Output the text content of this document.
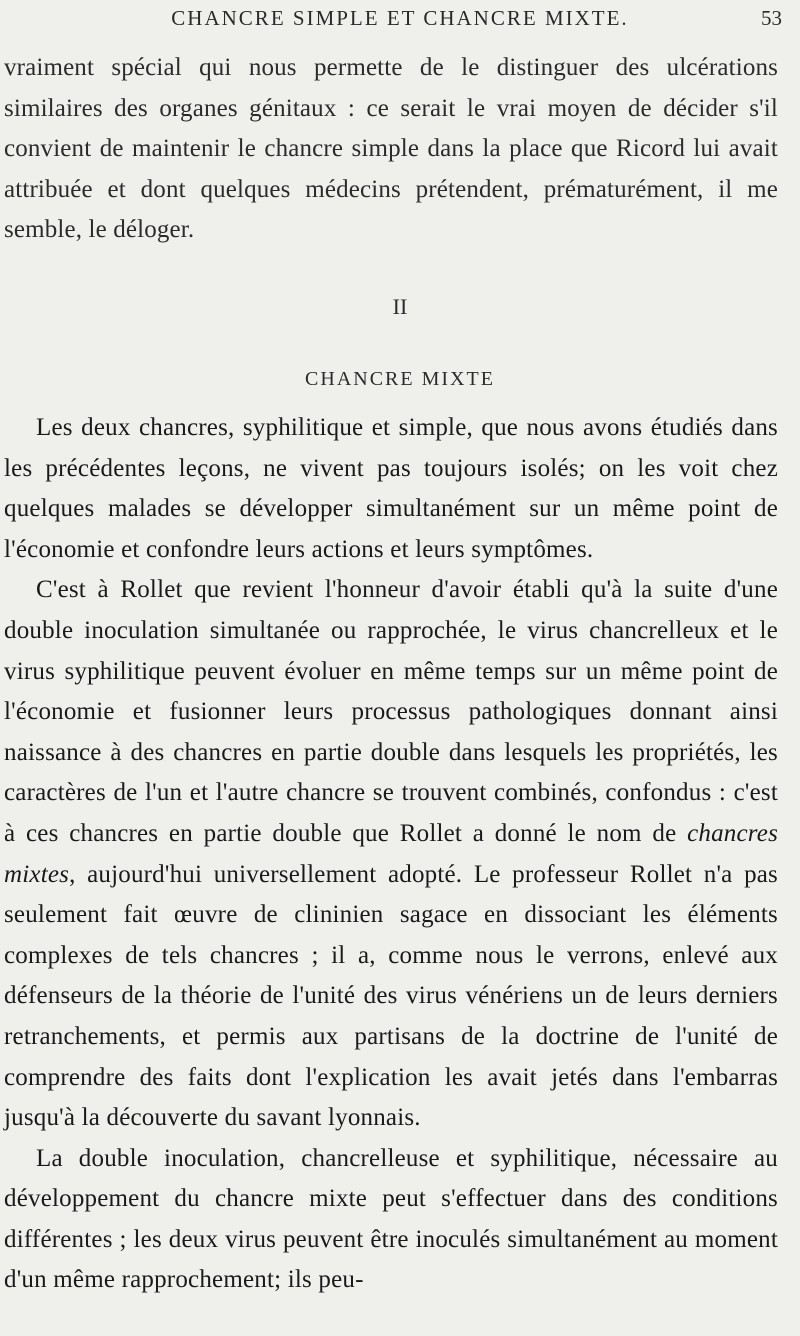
CHANCRE SIMPLE ET CHANCRE MIXTE.	53

vraiment spécial qui nous permette de le distinguer des ulcérations similaires des organes génitaux : ce serait le vrai moyen de décider s'il convient de maintenir le chancre simple dans la place que Ricord lui avait attribuée et dont quelques médecins prétendent, prématurément, il me semble, le déloger.

II
CHANCRE MIXTE

Les deux chancres, syphilitique et simple, que nous avons étudiés dans les précédentes leçons, ne vivent pas toujours isolés; on les voit chez quelques malades se développer simultanément sur un même point de l'économie et confondre leurs actions et leurs symptômes.

C'est à Rollet que revient l'honneur d'avoir établi qu'à la suite d'une double inoculation simultanée ou rapprochée, le virus chancrelleux et le virus syphilitique peuvent évoluer en même temps sur un même point de l'économie et fusionner leurs processus pathologiques donnant ainsi naissance à des chancres en partie double dans lesquels les propriétés, les caractères de l'un et l'autre chancre se trouvent combinés, confondus : c'est à ces chancres en partie double que Rollet a donné le nom de chancres mixtes, aujourd'hui universellement adopté. Le professeur Rollet n'a pas seulement fait œuvre de clininien sagace en dissociant les éléments complexes de tels chancres ; il a, comme nous le verrons, enlevé aux défenseurs de la théorie de l'unité des virus vénériens un de leurs derniers retranchements, et permis aux partisans de la doctrine de l'unité de comprendre des faits dont l'explication les avait jetés dans l'embarras jusqu'à la découverte du savant lyonnais.

La double inoculation, chancrelleuse et syphilitique, nécessaire au développement du chancre mixte peut s'effectuer dans des conditions différentes ; les deux virus peuvent être inoculés simultanément au moment d'un même rapprochement; ils peu-
